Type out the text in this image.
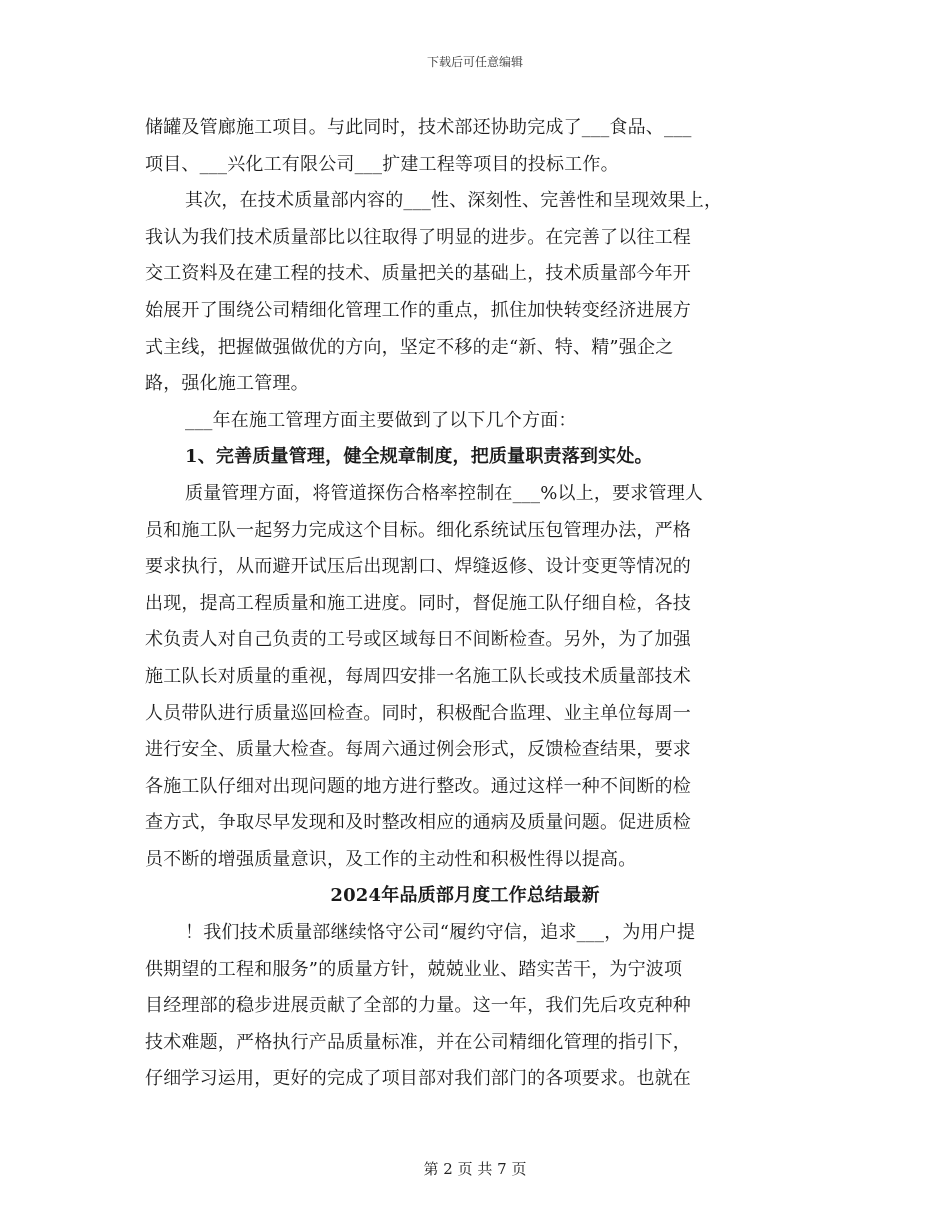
下载后可任意编辑
储罐及管廊施工项目。与此同时，技术部还协助完成了___食品、___
项目、___兴化工有限公司___扩建工程等项目的投标工作。
其次，在技术质量部内容的___性、深刻性、完善性和呈现效果上，
我认为我们技术质量部比以往取得了明显的进步。在完善了以往工程
交工资料及在建工程的技术、质量把关的基础上，技术质量部今年开
始展开了围绕公司精细化管理工作的重点，抓住加快转变经济进展方
式主线，把握做强做优的方向，坚定不移的走“新、特、精”强企之
路，强化施工管理。
___年在施工管理方面主要做到了以下几个方面：
1、完善质量管理，健全规章制度，把质量职责落到实处。
质量管理方面，将管道探伤合格率控制在___%以上，要求管理人
员和施工队一起努力完成这个目标。细化系统试压包管理办法，严格
要求执行，从而避开试压后出现割口、焊缝返修、设计变更等情况的
出现，提高工程质量和施工进度。同时，督促施工队仔细自检，各技
术负责人对自己负责的工号或区域每日不间断检查。另外，为了加强
施工队长对质量的重视，每周四安排一名施工队长或技术质量部技术
人员带队进行质量巡回检查。同时，积极配合监理、业主单位每周一
进行安全、质量大检查。每周六通过例会形式，反馈检查结果，要求
各施工队仔细对出现问题的地方进行整改。通过这样一种不间断的检
查方式，争取尽早发现和及时整改相应的通病及质量问题。促进质检
员不断的增强质量意识，及工作的主动性和积极性得以提高。
2024年品质部月度工作总结最新
！我们技术质量部继续恪守公司“履约守信，追求___，为用户提
供期望的工程和服务”的质量方针，兢兢业业、踏实苦干，为宁波项
目经理部的稳步进展贡献了全部的力量。这一年，我们先后攻克种种
技术难题，严格执行产品质量标准，并在公司精细化管理的指引下，
仔细学习运用，更好的完成了项目部对我们部门的各项要求。也就在
第 2 页 共 7 页
